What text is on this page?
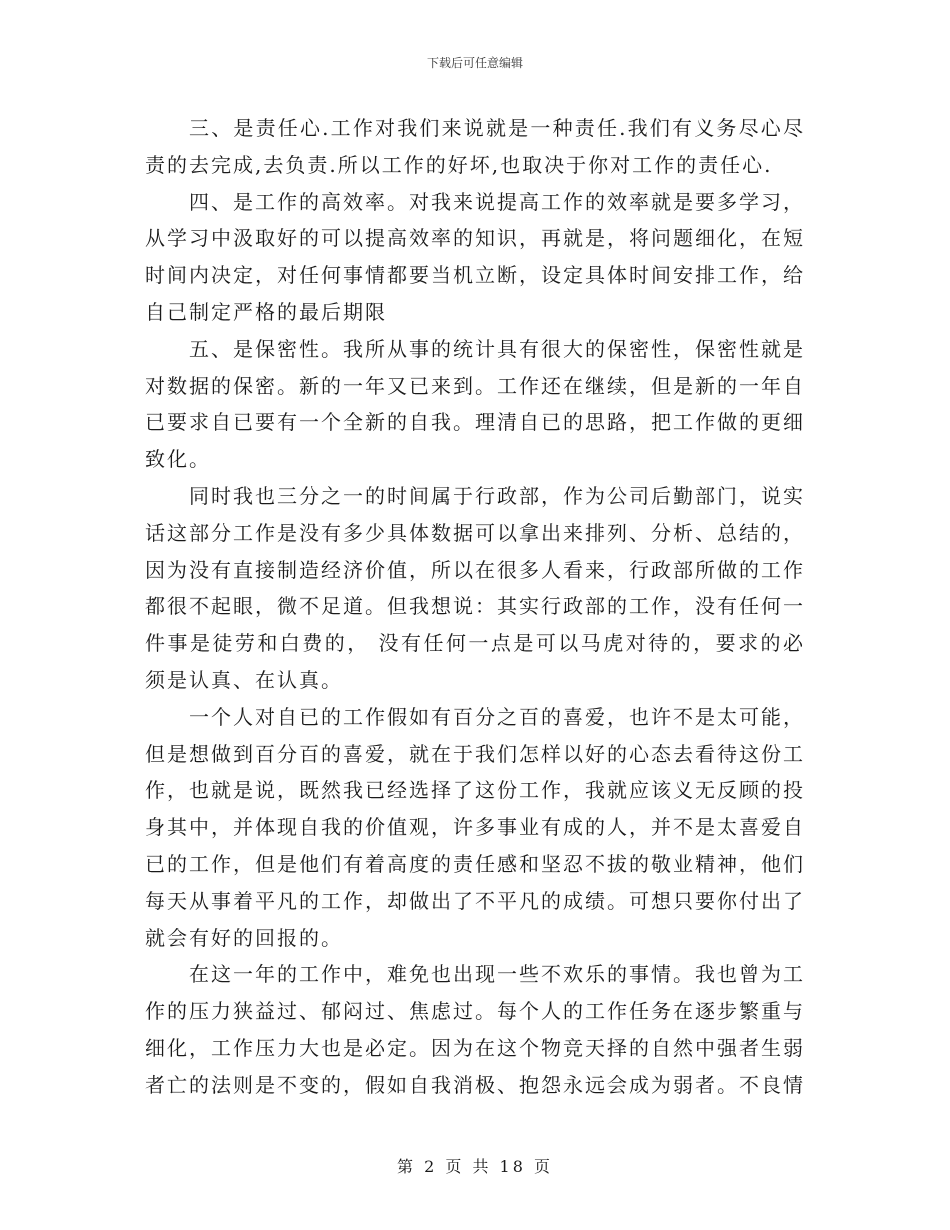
下载后可任意编辑

三、是责任心.工作对我们来说就是一种责任.我们有义务尽心尽责的去完成,去负责.所以工作的好坏,也取决于你对工作的责任心.

四、是工作的高效率。对我来说提高工作的效率就是要多学习，从学习中汲取好的可以提高效率的知识，再就是，将问题细化，在短时间内决定，对任何事情都要当机立断，设定具体时间安排工作，给自己制定严格的最后期限

五、是保密性。我所从事的统计具有很大的保密性，保密性就是对数据的保密。新的一年又已来到。工作还在继续，但是新的一年自已要求自已要有一个全新的自我。理清自已的思路，把工作做的更细致化。

同时我也三分之一的时间属于行政部，作为公司后勤部门，说实话这部分工作是没有多少具体数据可以拿出来排列、分析、总结的，因为没有直接制造经济价值，所以在很多人看来，行政部所做的工作都很不起眼，微不足道。但我想说：其实行政部的工作，没有任何一件事是徒劳和白费的， 没有任何一点是可以马虎对待的，要求的必须是认真、在认真。

一个人对自已的工作假如有百分之百的喜爱，也许不是太可能，但是想做到百分百的喜爱，就在于我们怎样以好的心态去看待这份工作，也就是说，既然我已经选择了这份工作，我就应该义无反顾的投身其中，并体现自我的价值观，许多事业有成的人，并不是太喜爱自已的工作，但是他们有着高度的责任感和坚忍不拔的敬业精神，他们每天从事着平凡的工作，却做出了不平凡的成绩。可想只要你付出了就会有好的回报的。

在这一年的工作中，难免也出现一些不欢乐的事情。我也曾为工作的压力狭益过、郁闷过、焦虑过。每个人的工作任务在逐步繁重与细化，工作压力大也是必定。因为在这个物竞天择的自然中强者生弱者亡的法则是不变的，假如自我消极、抱怨永远会成为弱者。不良情

第 2 页 共 18 页
